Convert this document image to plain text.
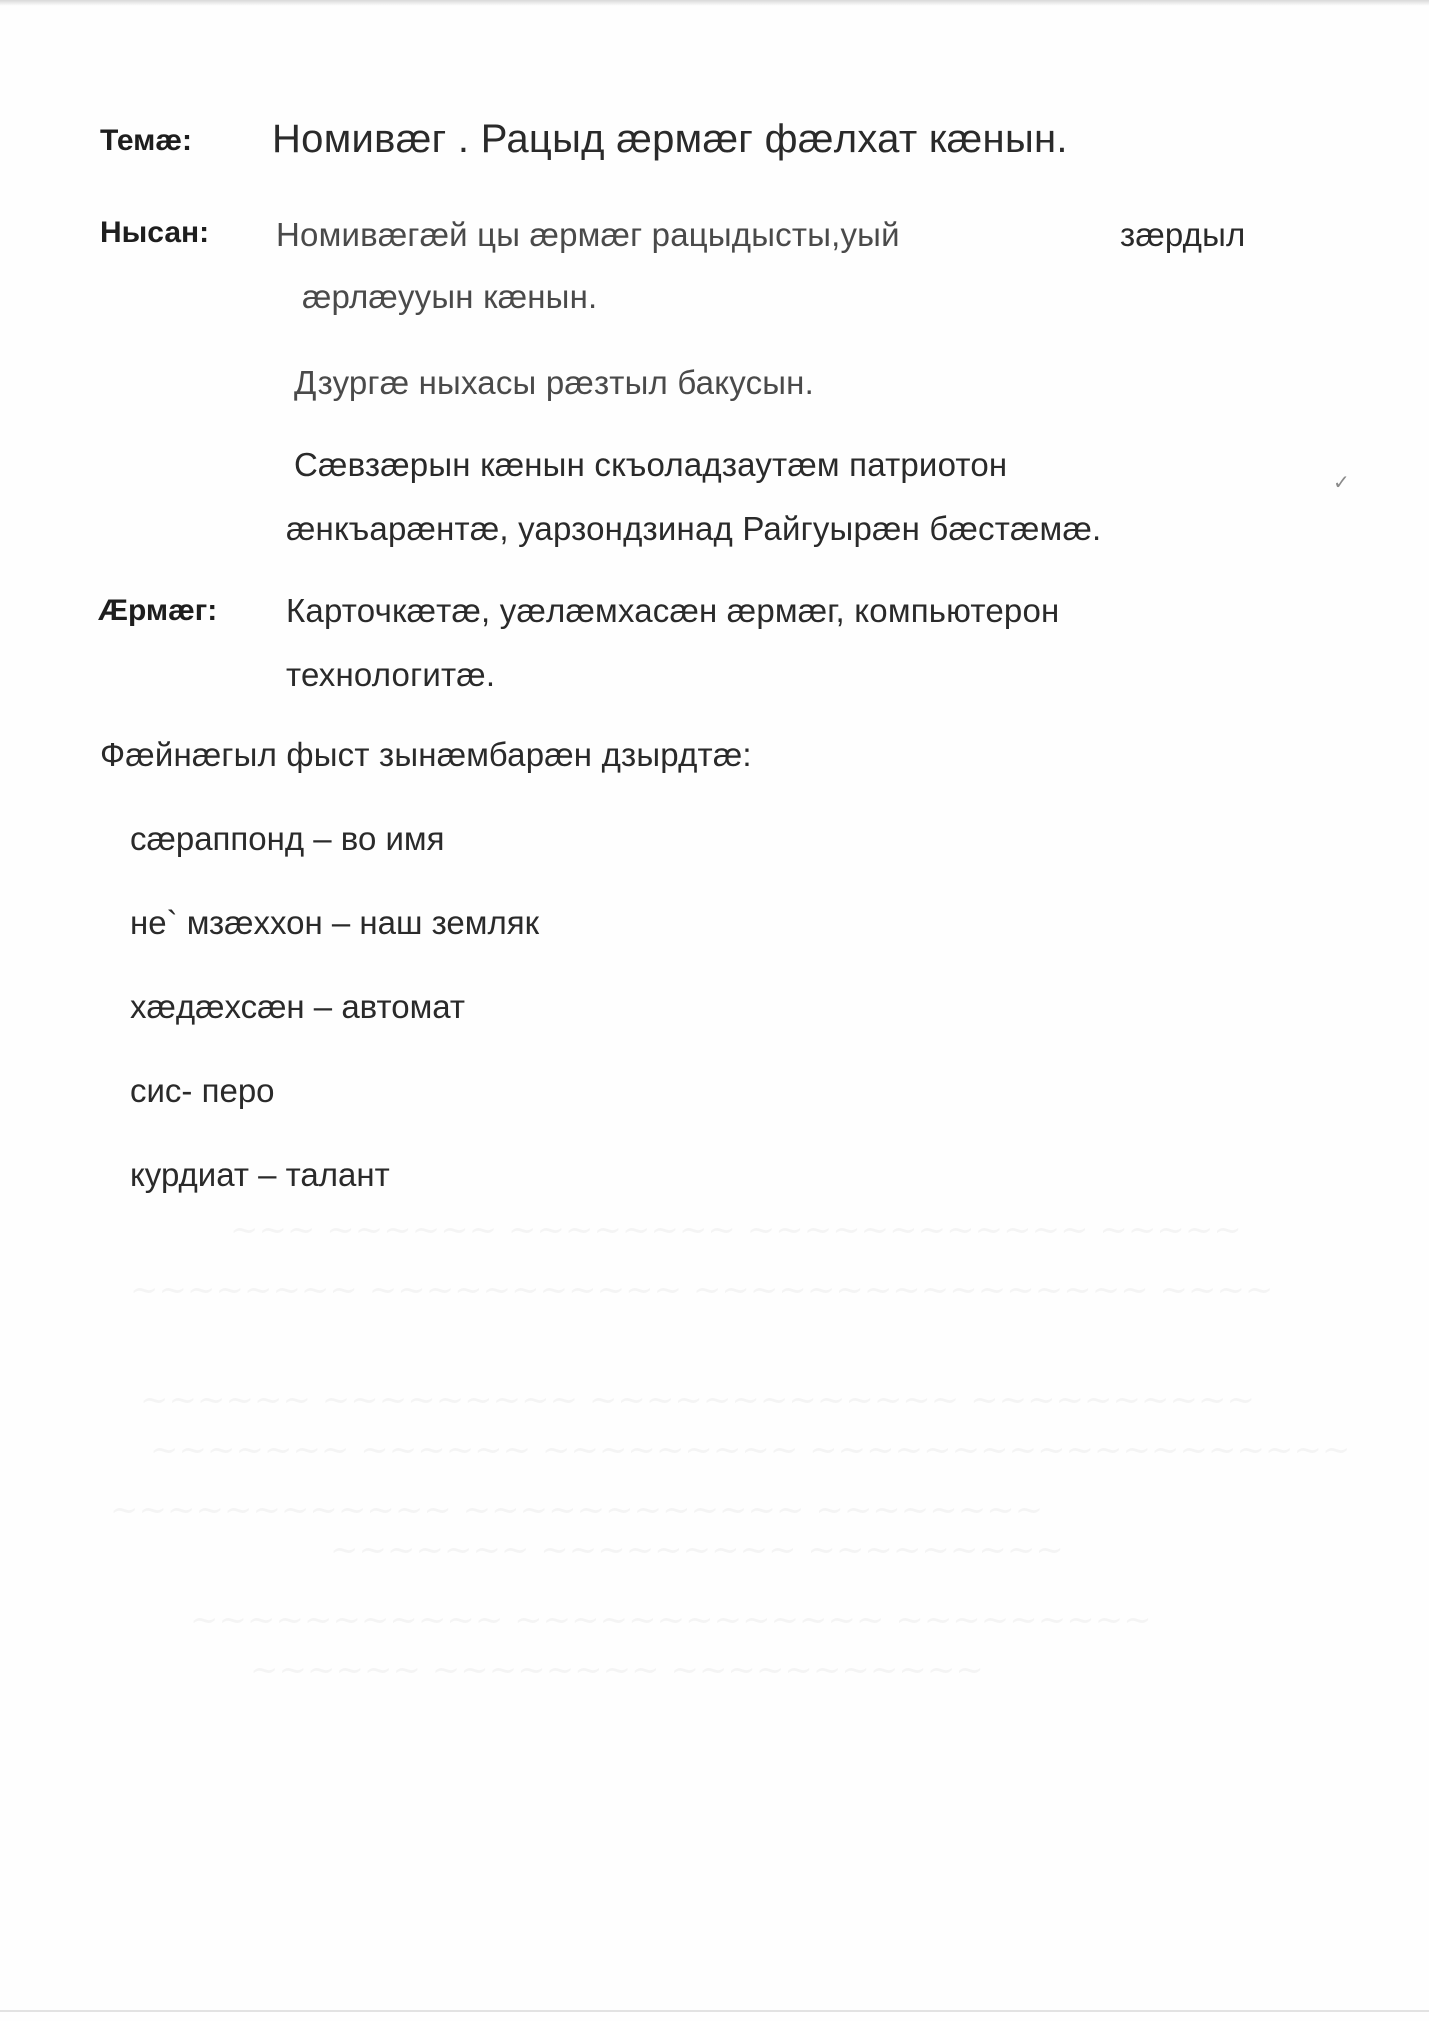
Темæ: Номивæг . Рацыд æрмæг фæлхат кæнын.
Нысан: Номивæгæй цы æрмæг рацыдысты,уый	зæрдыл
æрлæууын кæнын.
Дзургæ ныхасы рæзтыл бакусын.
Сæвзæрын кæнын скъоладзаутæм патриотон
æнкъарæнтæ, уарзондзинад Райгуырæн бæстæмæ.
Æрмæг: Карточкæтæ, уæлæмхасæн æрмæг, компьютерон
технологитæ.
Фæйнæгыл фыст зынæмбарæн дзырдтæ:
сæраппонд – во имя
не` мзæххон – наш земляк
хæдæхсæн – автомат
сис- перо
курдиат – талант
✓
